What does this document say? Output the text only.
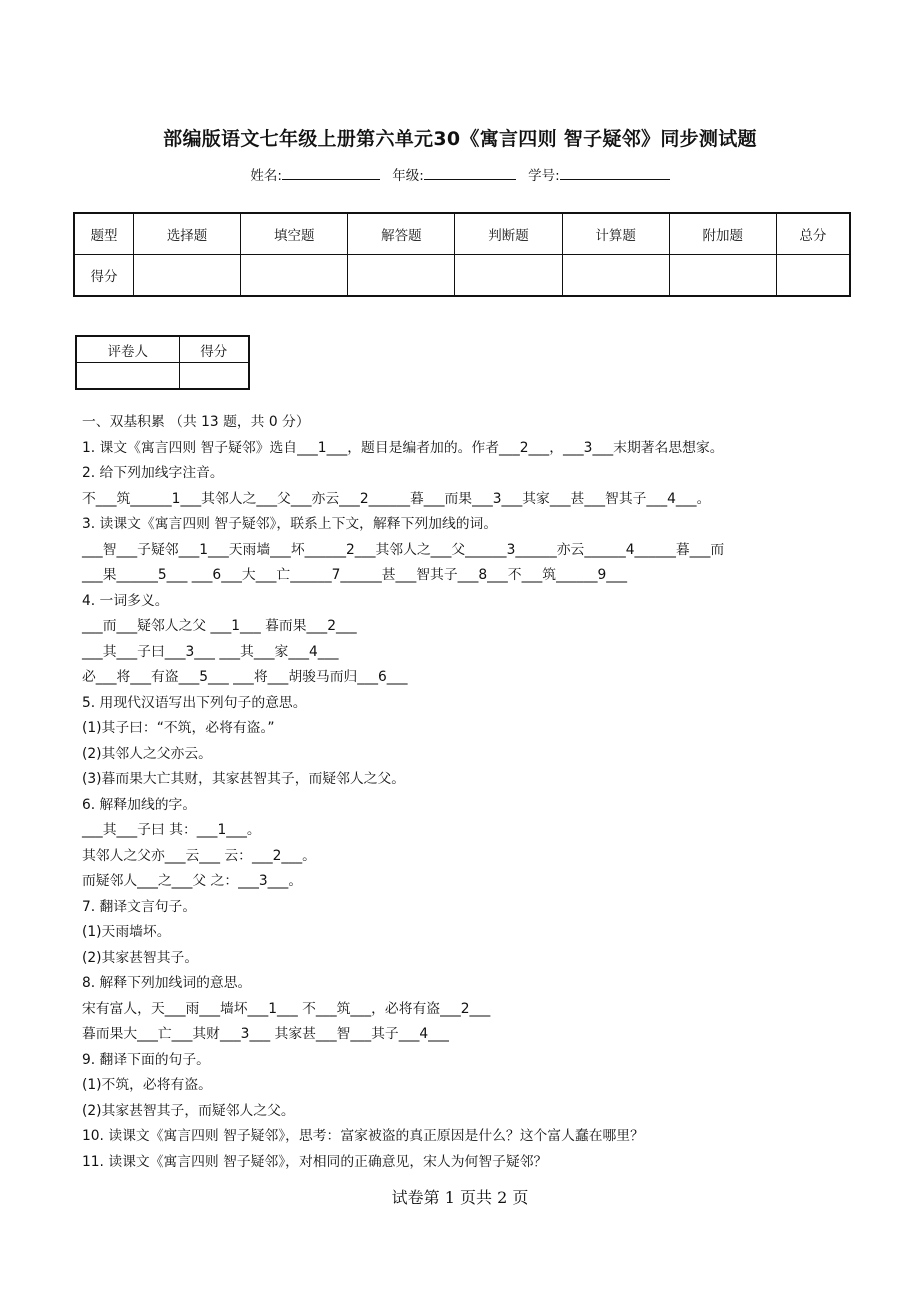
部编版语文七年级上册第六单元30《寓言四则 智子疑邻》同步测试题
姓名:	年级:	学号:
题型	选择题	填空题	解答题	判断题	计算题	附加题	总分
得分							
评卷人	得分

一、双基积累 （共 13 题，共 0 分）
1. 课文《寓言四则 智子疑邻》选自___1___，题目是编者加的。作者___2___，___3___末期著名思想家。
2. 给下列加线字注音。
不___筑______1___其邻人之___父___亦云___2______暮___而果___3___其家___甚___智其子___4___。
3. 读课文《寓言四则 智子疑邻》，联系上下文，解释下列加线的词。
___智___子疑邻___1___天雨墙___坏______2___其邻人之___父______3______亦云______4______暮___而
___果______5___ ___6___大___亡______7______甚___智其子___8___不___筑______9___
4. 一词多义。
___而___疑邻人之父 ___1___ 暮而果___2___
___其___子曰___3___ ___其___家___4___
必___将___有盗___5___ ___将___胡骏马而归___6___
5. 用现代汉语写出下列句子的意思。
(1)其子曰：“不筑，必将有盗。”
(2)其邻人之父亦云。
(3)暮而果大亡其财，其家甚智其子，而疑邻人之父。
6. 解释加线的字。
___其___子曰 其：___1___。
其邻人之父亦___云___ 云：___2___。
而疑邻人___之___父 之：___3___。
7. 翻译文言句子。
(1)天雨墙坏。
(2)其家甚智其子。
8. 解释下列加线词的意思。
宋有富人，天___雨___墙坏___1___ 不___筑___，必将有盗___2___
暮而果大___亡___其财___3___ 其家甚___智___其子___4___
9. 翻译下面的句子。
(1)不筑，必将有盗。
(2)其家甚智其子，而疑邻人之父。
10. 读课文《寓言四则 智子疑邻》，思考：富家被盗的真正原因是什么？这个富人蠢在哪里？
11. 读课文《寓言四则 智子疑邻》，对相同的正确意见，宋人为何智子疑邻？
试卷第 1 页共 2 页
